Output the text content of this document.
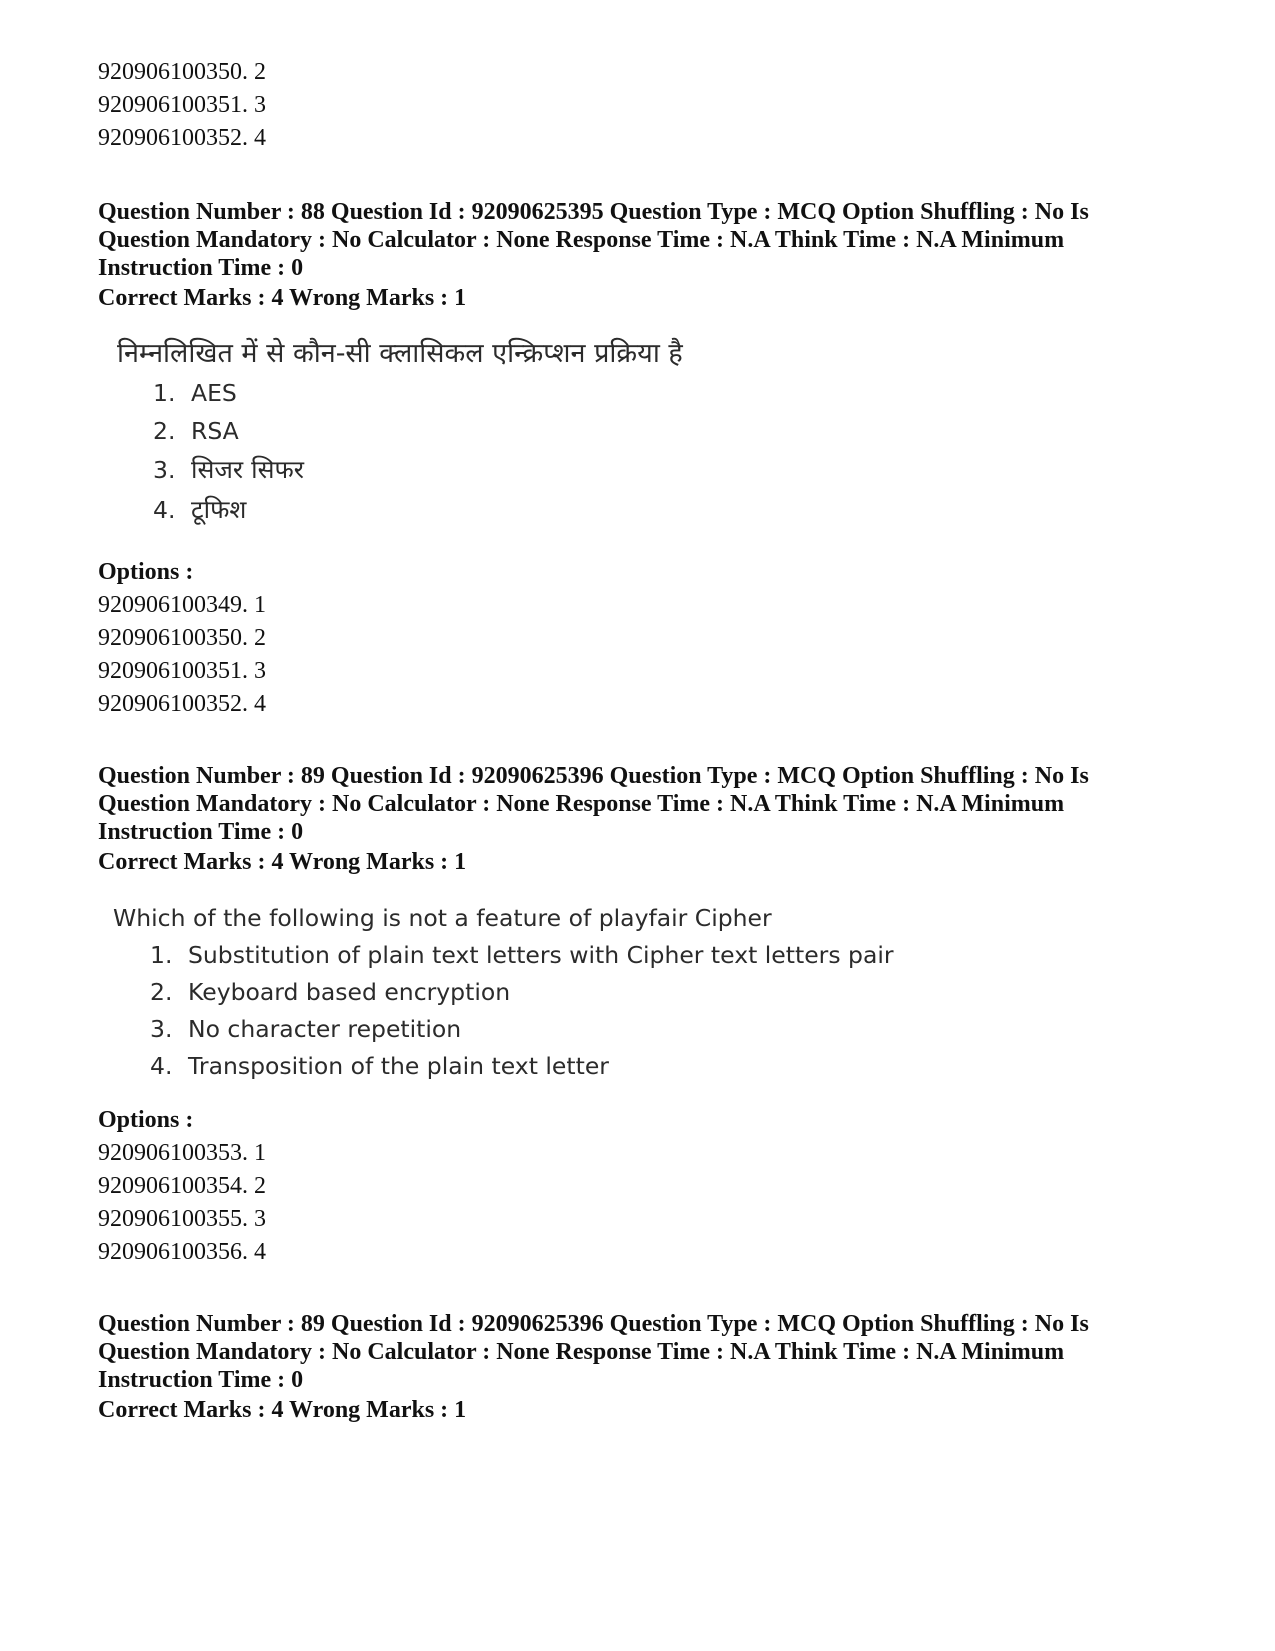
920906100350. 2
920906100351. 3
920906100352. 4
Question Number : 88 Question Id : 92090625395 Question Type : MCQ Option Shuffling : No Is Question Mandatory : No Calculator : None Response Time : N.A Think Time : N.A Minimum Instruction Time : 0
Correct Marks : 4 Wrong Marks : 1
निम्नलिखित में से कौन-सी क्लासिकल एन्क्रिप्शन प्रक्रिया है
1. AES
2. RSA
3. सिजर सिफर
4. टूफिश
Options :
920906100349. 1
920906100350. 2
920906100351. 3
920906100352. 4
Question Number : 89 Question Id : 92090625396 Question Type : MCQ Option Shuffling : No Is Question Mandatory : No Calculator : None Response Time : N.A Think Time : N.A Minimum Instruction Time : 0
Correct Marks : 4 Wrong Marks : 1
Which of the following is not a feature of playfair Cipher
1. Substitution of plain text letters with Cipher text letters pair
2. Keyboard based encryption
3. No character repetition
4. Transposition of the plain text letter
Options :
920906100353. 1
920906100354. 2
920906100355. 3
920906100356. 4
Question Number : 89 Question Id : 92090625396 Question Type : MCQ Option Shuffling : No Is Question Mandatory : No Calculator : None Response Time : N.A Think Time : N.A Minimum Instruction Time : 0
Correct Marks : 4 Wrong Marks : 1
